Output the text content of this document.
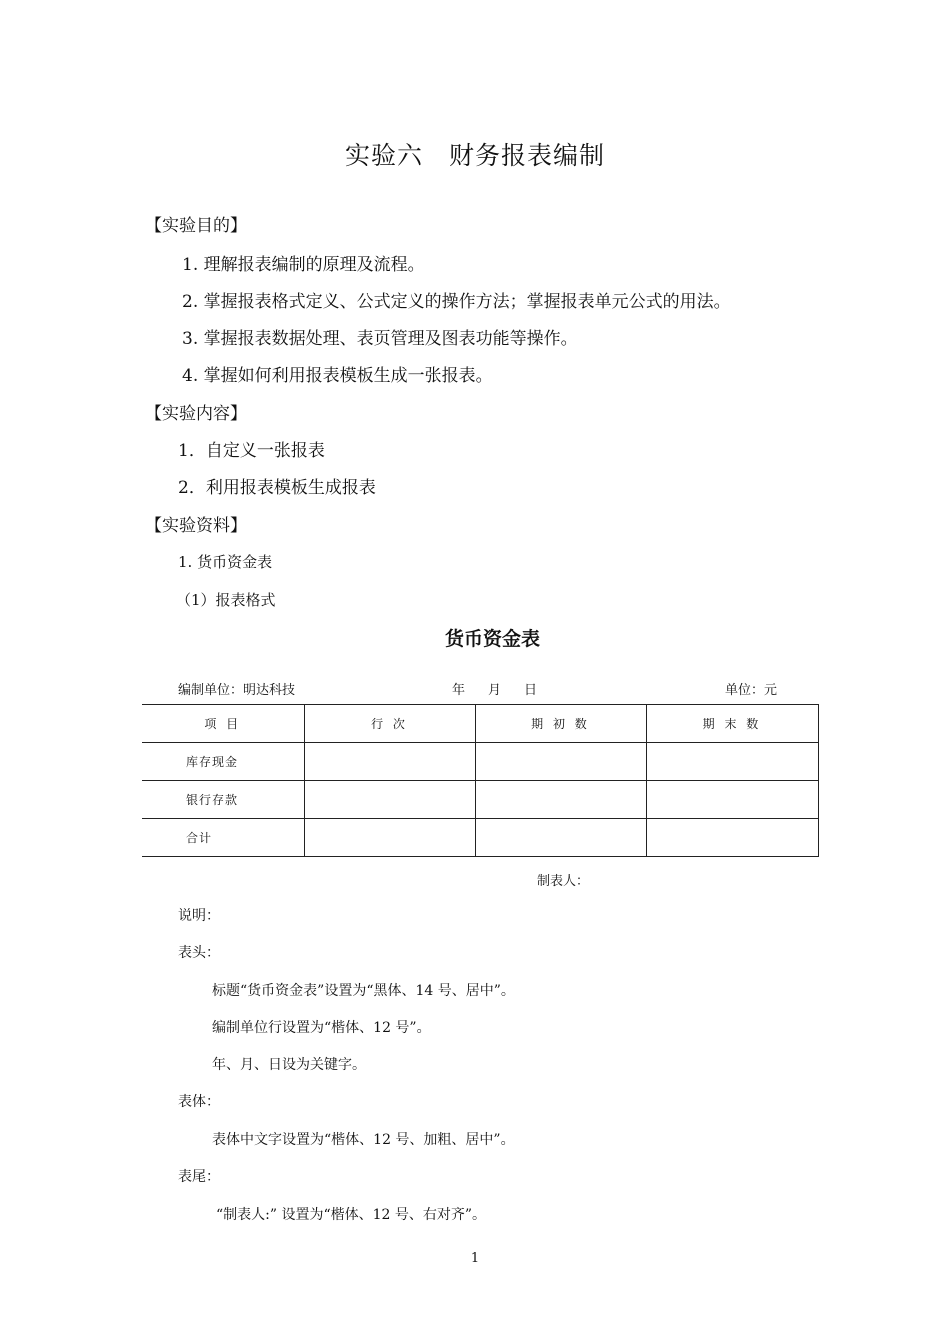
实验六　财务报表编制
【实验目的】
1. 理解报表编制的原理及流程。
2. 掌握报表格式定义、公式定义的操作方法；掌握报表单元公式的用法。
3. 掌握报表数据处理、表页管理及图表功能等操作。
4. 掌握如何利用报表模板生成一张报表。
【实验内容】
1．自定义一张报表
2．利用报表模板生成报表
【实验资料】
1. 货币资金表
（1）报表格式
货币资金表
编制单位：明达科技	年 月 日	单位：元
项 目	行 次	期 初 数	期 末 数
库存现金			
银行存款			
合计			
制表人：
说明：
表头：
标题“货币资金表”设置为“黑体、14 号、居中”。
编制单位行设置为“楷体、12 号”。
年、月、日设为关键字。
表体：
表体中文字设置为“楷体、12 号、加粗、居中”。
表尾：
“制表人:” 设置为“楷体、12 号、右对齐”。
1
